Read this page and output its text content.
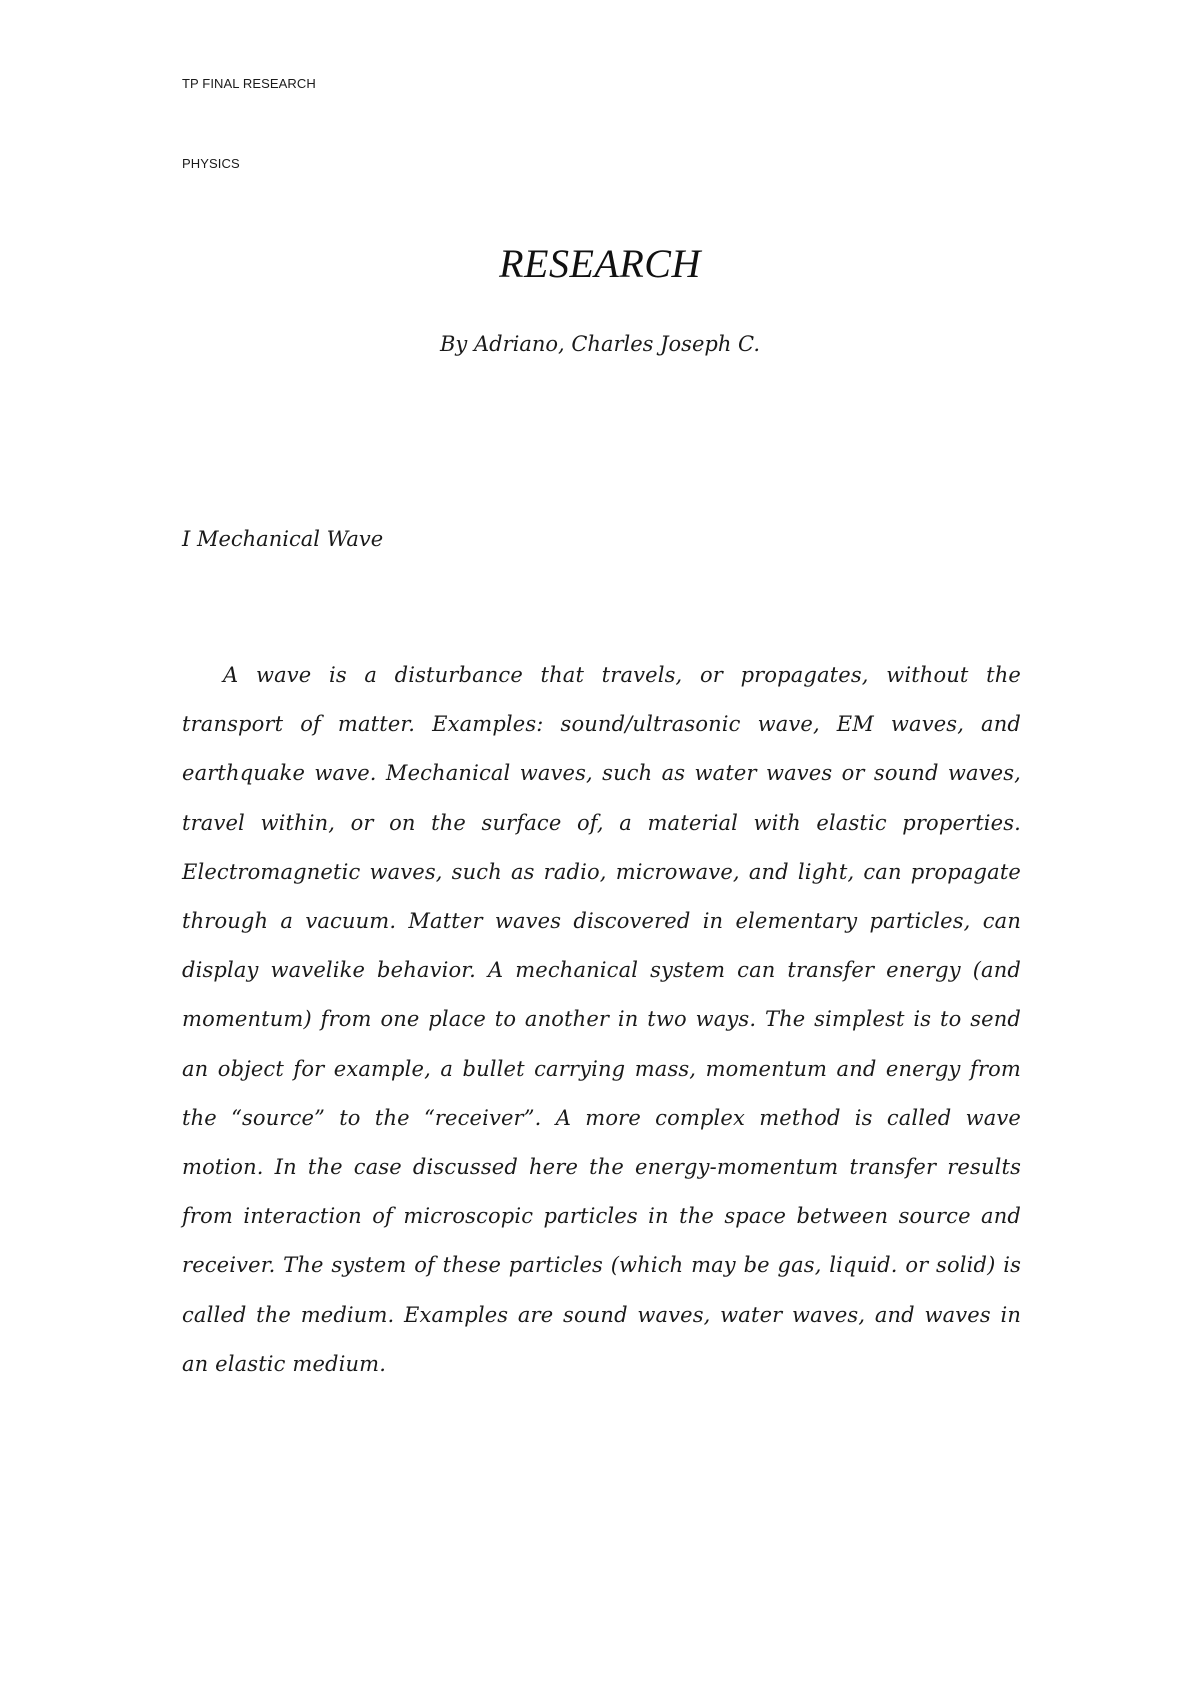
TP FINAL RESEARCH
PHYSICS
RESEARCH
By Adriano, Charles Joseph C.
I Mechanical Wave

A wave is a disturbance that travels, or propagates, without the transport of matter. Examples: sound/ultrasonic wave, EM waves, and earthquake wave. Mechanical waves, such as water waves or sound waves, travel within, or on the surface of, a material with elastic properties. Electromagnetic waves, such as radio, microwave, and light, can propagate through a vacuum. Matter waves discovered in elementary particles, can display wavelike behavior. A mechanical system can transfer energy (and momentum) from one place to another in two ways. The simplest is to send an object for example, a bullet carrying mass, momentum and energy from the “source” to the “receiver”. A more complex method is called wave motion. In the case discussed here the energy-momentum transfer results from interaction of microscopic particles in the space between source and receiver. The system of these particles (which may be gas, liquid. or solid) is called the medium. Examples are sound waves, water waves, and waves in an elastic medium.
